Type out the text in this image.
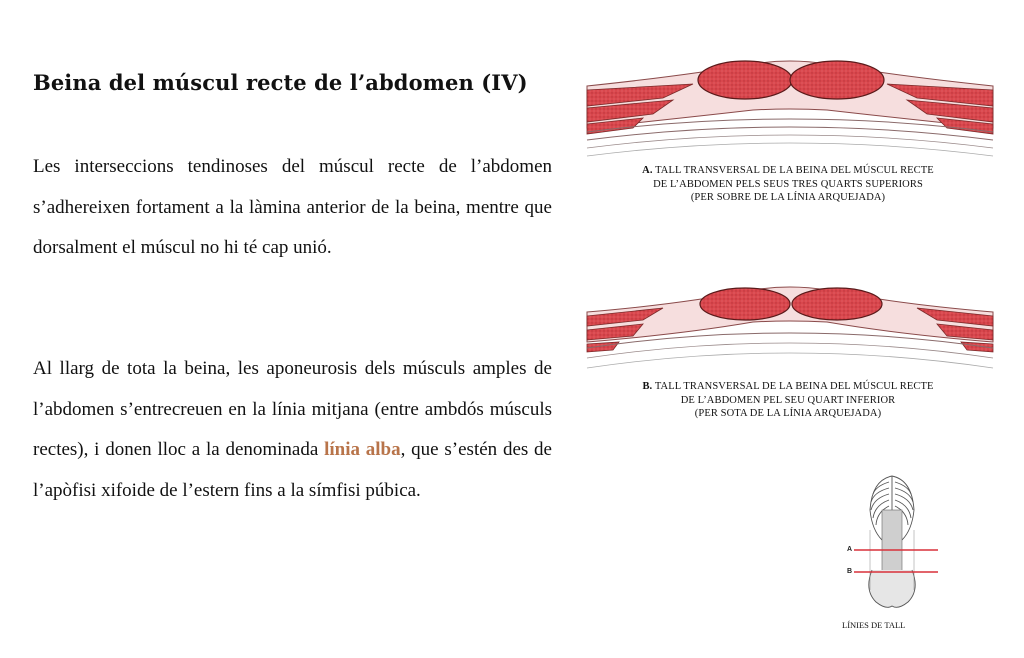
Beina del múscul recte de l’abdomen (IV)
Les interseccions tendinoses del múscul recte de l’abdomen s’adhereixen fortament a la làmina anterior de la beina, mentre que dorsalment el múscul no hi té cap unió.
Al llarg de tota la beina, les aponeurosis dels músculs amples de l’abdomen s’entrecreuen en la línia mitjana (entre ambdós músculs rectes), i donen lloc a la denominada línia alba, que s’estén des de l’apòfisi xifoide de l’estern fins a la símfisi púbica.
A. TALL TRANSVERSAL DE LA BEINA DEL MÚSCUL RECTE
DE L’ABDOMEN PELS SEUS TRES QUARTS SUPERIORS
(PER SOBRE DE LA LÍNIA ARQUEJADA)
B. TALL TRANSVERSAL DE LA BEINA DEL MÚSCUL RECTE
DE L’ABDOMEN PEL SEU QUART INFERIOR
(PER SOTA DE LA LÍNIA ARQUEJADA)
A
B
LÍNIES DE TALL
